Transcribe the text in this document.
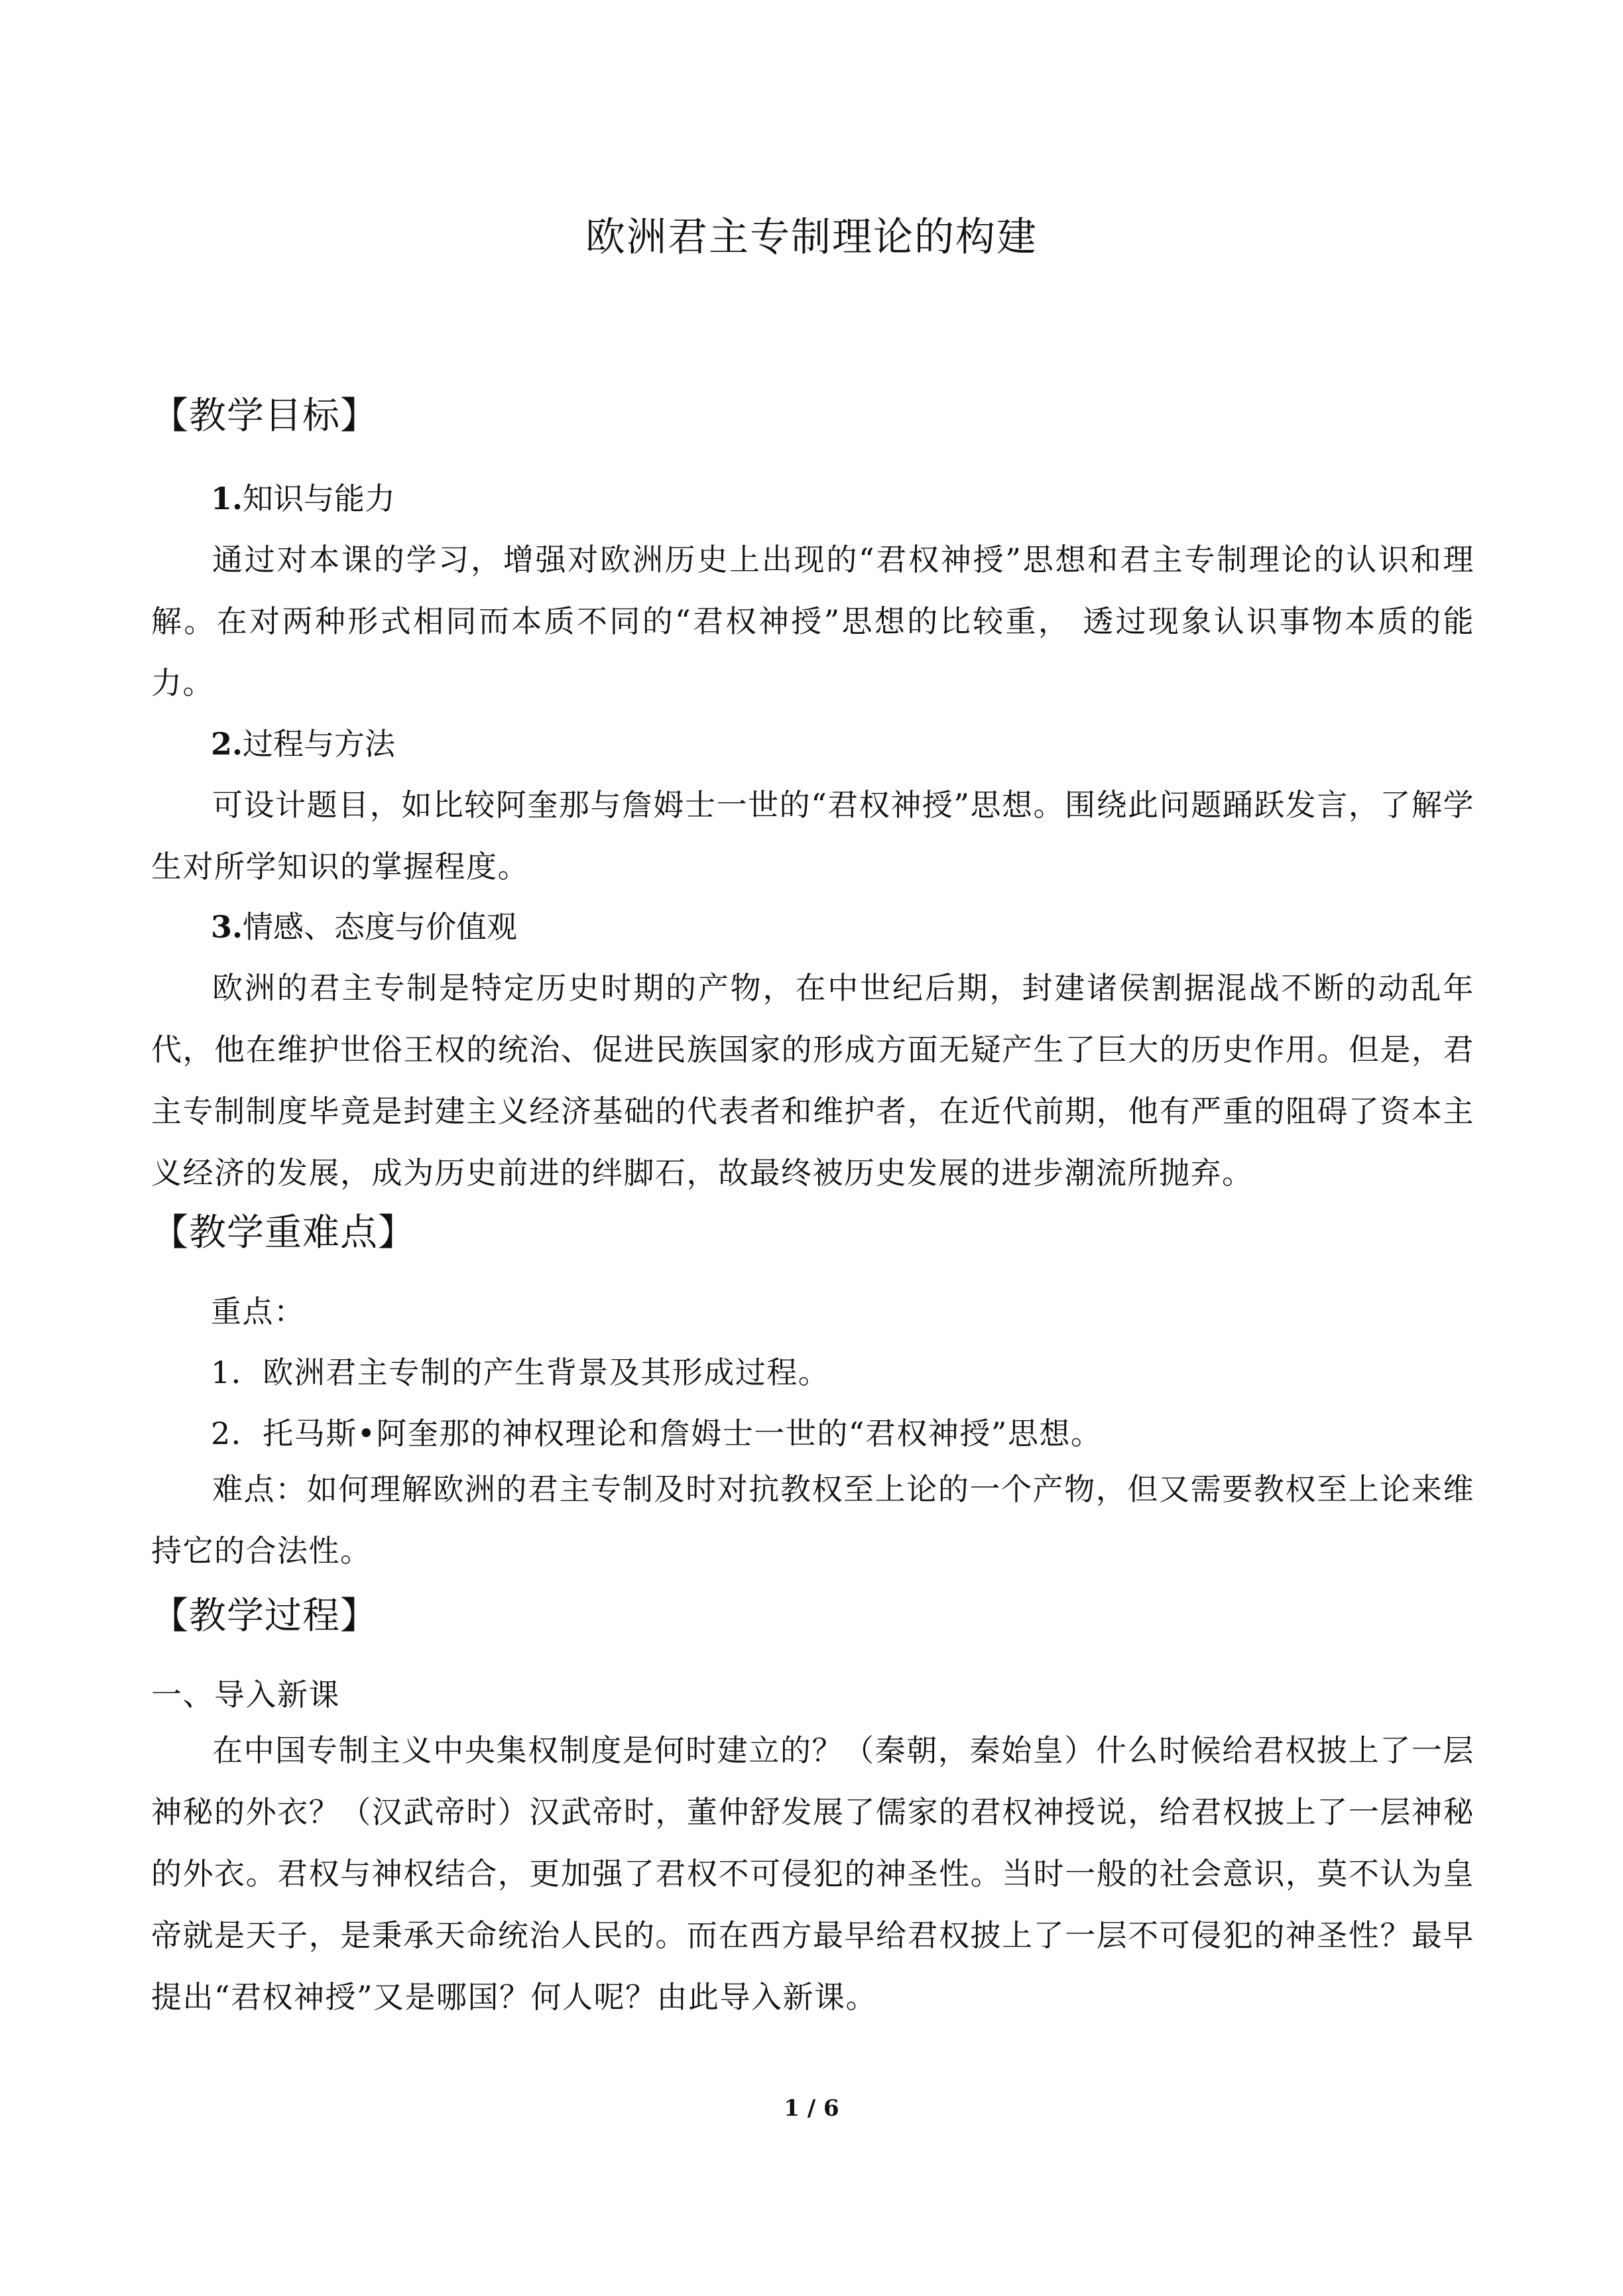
欧洲君主专制理论的构建
【教学目标】
1.知识与能力
通过对本课的学习，增强对欧洲历史上出现的“君权神授”思想和君主专制理论的认识和理解。在对两种形式相同而本质不同的“君权神授”思想的比较重， 透过现象认识事物本质的能力。
2.过程与方法
可设计题目，如比较阿奎那与詹姆士一世的“君权神授”思想。围绕此问题踊跃发言，了解学生对所学知识的掌握程度。
3.情感、态度与价值观
欧洲的君主专制是特定历史时期的产物，在中世纪后期，封建诸侯割据混战不断的动乱年代，他在维护世俗王权的统治、促进民族国家的形成方面无疑产生了巨大的历史作用。但是，君主专制制度毕竟是封建主义经济基础的代表者和维护者，在近代前期，他有严重的阻碍了资本主义经济的发展，成为历史前进的绊脚石，故最终被历史发展的进步潮流所抛弃。
【教学重难点】
重点：
1．欧洲君主专制的产生背景及其形成过程。
2．托马斯•阿奎那的神权理论和詹姆士一世的“君权神授”思想。
难点：如何理解欧洲的君主专制及时对抗教权至上论的一个产物，但又需要教权至上论来维持它的合法性。
【教学过程】
一、导入新课
在中国专制主义中央集权制度是何时建立的？（秦朝，秦始皇）什么时候给君权披上了一层神秘的外衣？（汉武帝时）汉武帝时，董仲舒发展了儒家的君权神授说，给君权披上了一层神秘的外衣。君权与神权结合，更加强了君权不可侵犯的神圣性。当时一般的社会意识，莫不认为皇帝就是天子，是秉承天命统治人民的。而在西方最早给君权披上了一层不可侵犯的神圣性？最早提出“君权神授”又是哪国？何人呢？由此导入新课。
1 / 6
